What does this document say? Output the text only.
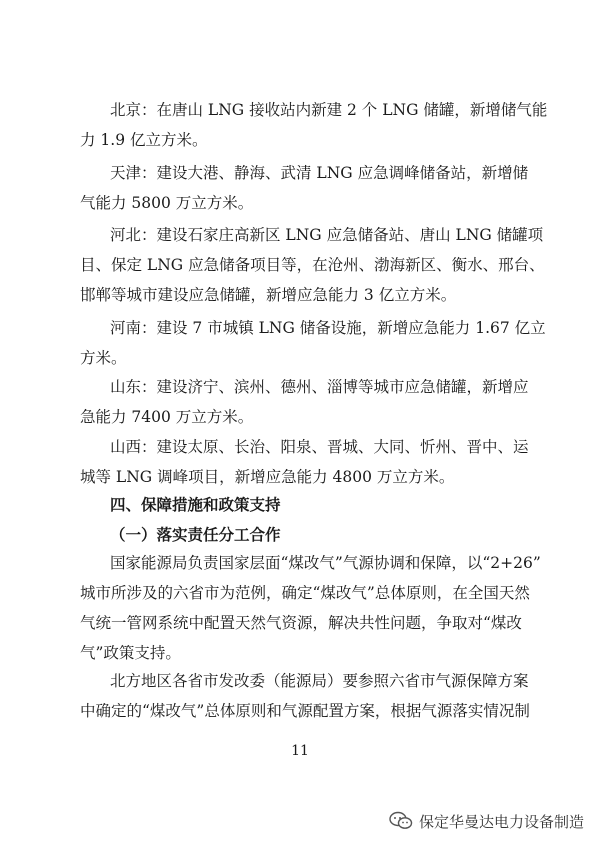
北京：在唐山 LNG 接收站内新建 2 个 LNG 储罐，新增储气能
力 1.9 亿立方米。
天津：建设大港、静海、武清 LNG 应急调峰储备站，新增储
气能力 5800 万立方米。
河北：建设石家庄高新区 LNG 应急储备站、唐山 LNG 储罐项
目、保定 LNG 应急储备项目等，在沧州、渤海新区、衡水、邢台、
邯郸等城市建设应急储罐，新增应急能力 3 亿立方米。
河南：建设 7 市城镇 LNG 储备设施，新增应急能力 1.67 亿立
方米。
山东：建设济宁、滨州、德州、淄博等城市应急储罐，新增应
急能力 7400 万立方米。
山西：建设太原、长治、阳泉、晋城、大同、忻州、晋中、运
城等 LNG 调峰项目，新增应急能力 4800 万立方米。
四、保障措施和政策支持
（一）落实责任分工合作
国家能源局负责国家层面“煤改气”气源协调和保障，以“2+26”
城市所涉及的六省市为范例，确定“煤改气”总体原则，在全国天然
气统一管网系统中配置天然气资源，解决共性问题，争取对“煤改
气”政策支持。
北方地区各省市发改委（能源局）要参照六省市气源保障方案
中确定的“煤改气”总体原则和气源配置方案，根据气源落实情况制
11
保定华曼达电力设备制造
